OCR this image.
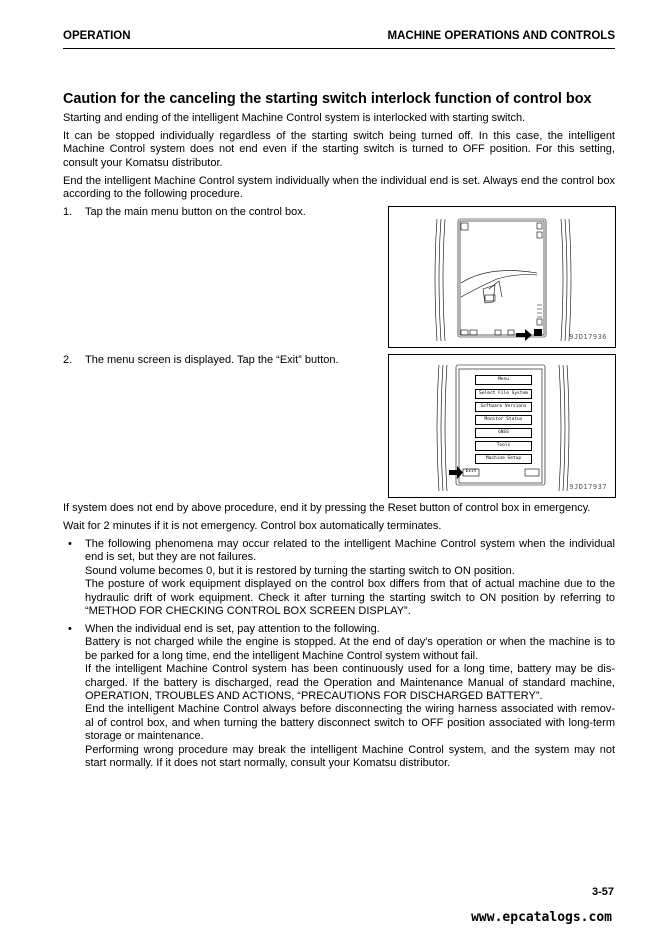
OPERATION	MACHINE OPERATIONS AND CONTROLS
Caution for the canceling the starting switch interlock function of control box
Starting and ending of the intelligent Machine Control system is interlocked with starting switch.
It can be stopped individually regardless of the starting switch being turned off. In this case, the intelligent Machine Control system does not end even if the starting switch is turned to OFF position. For this setting, consult your Komatsu distributor.
End the intelligent Machine Control system individually when the individual end is set. Always end the control box according to the following procedure.
1. Tap the main menu button on the control box.
9JD17936
2. The menu screen is displayed. Tap the “Exit” button.
Menu
Select File System
Software Versions
Monitor Status
GNSS
Tools
Machine Setup
Exit
9JD17937
If system does not end by above procedure, end it by pressing the Reset button of control box in emergency.
Wait for 2 minutes if it is not emergency. Control box automatically terminates.
• The following phenomena may occur related to the intelligent Machine Control system when the individual
end is set, but they are not failures.
Sound volume becomes 0, but it is restored by turning the starting switch to ON position.
The posture of work equipment displayed on the control box differs from that of actual machine due to the
hydraulic drift of work equipment. Check it after turning the starting switch to ON position by referring to
“METHOD FOR CHECKING CONTROL BOX SCREEN DISPLAY”.
• When the individual end is set, pay attention to the following.
Battery is not charged while the engine is stopped. At the end of day's operation or when the machine is to
be parked for a long time, end the intelligent Machine Control system without fail.
If the intelligent Machine Control system has been continuously used for a long time, battery may be dis-
charged. If the battery is discharged, read the Operation and Maintenance Manual of standard machine,
OPERATION, TROUBLES AND ACTIONS, “PRECAUTIONS FOR DISCHARGED BATTERY”.
End the intelligent Machine Control always before disconnecting the wiring harness associated with remov-
al of control box, and when turning the battery disconnect switch to OFF position associated with long-term
storage or maintenance.
Performing wrong procedure may break the intelligent Machine Control system, and the system may not
start normally. If it does not start normally, consult your Komatsu distributor.
3-57
www.epcatalogs.com
